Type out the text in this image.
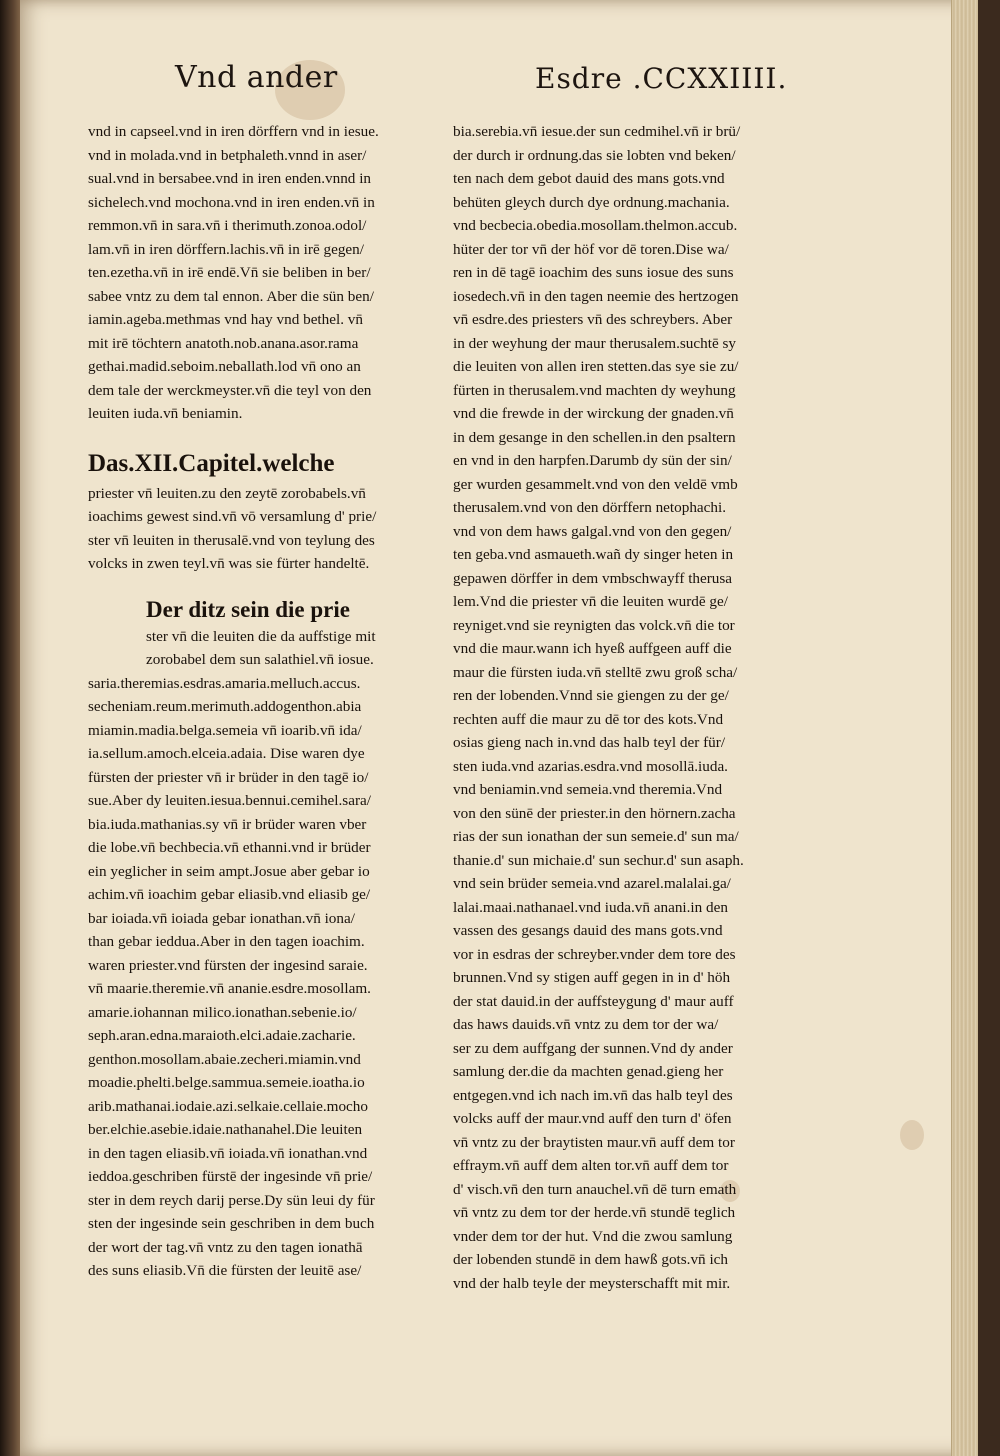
Vnd ander	Esdre .CCXXIIII.
vnd in capseel.vnd in iren dörffern vnd in iesue.
vnd in molada.vnd in betphaleth.vnnd in aser/
sual.vnd in bersabee.vnd in iren enden.vnnd in
sichelech.vnd mochona.vnd in iren enden.vn̄ in
remmon.vn̄ in sara.vn̄ i therimuth.zonoa.odol/
lam.vn̄ in iren dörffern.lachis.vn̄ in irē gegen/
ten.ezetha.vn̄ in irē endē.Vn̄ sie beliben in ber/
sabee vntz zu dem tal ennon. Aber die sün ben/
iamin.ageba.methmas vnd hay vnd bethel. vn̄
mit irē töchtern anatoth.nob.anana.asor.rama
gethai.madid.seboim.neballath.lod vn̄ ono an
dem tale der werckmeyster.vn̄ die teyl von den
leuiten iuda.vn̄ beniamin.
Das.XII.Capitel.welche
priester vn̄ leuiten.zu den zeytē zorobabels.vn̄
ioachims gewest sind.vn̄ vō versamlung d' prie/
ster vn̄ leuiten in therusalē.vnd von teylung des
volcks in zwen teyl.vn̄ was sie fürter handeltē.
Der ditz sein die prie
ster vn̄ die leuiten die da auffstige mit
zorobabel dem sun salathiel.vn̄ iosue.
saria.theremias.esdras.amaria.melluch.accus.
secheniam.reum.merimuth.addogenthon.abia
miamin.madia.belga.semeia vn̄ ioarib.vn̄ ida/
ia.sellum.amoch.elceia.adaia. Dise waren dye
fürsten der priester vn̄ ir brüder in den tagē io/
sue.Aber dy leuiten.iesua.bennui.cemihel.sara/
bia.iuda.mathanias.sy vn̄ ir brüder waren vber
die lobe.vn̄ bechbecia.vn̄ ethanni.vnd ir brüder
ein yeglicher in seim ampt.Josue aber gebar io
achim.vn̄ ioachim gebar eliasib.vnd eliasib ge/
bar ioiada.vn̄ ioiada gebar ionathan.vn̄ iona/
than gebar ieddua.Aber in den tagen ioachim.
waren priester.vnd fürsten der ingesind saraie.
vn̄ maarie.theremie.vn̄ ananie.esdre.mosollam.
amarie.iohannan milico.ionathan.sebenie.io/
seph.aran.edna.maraioth.elci.adaie.zacharie.
genthon.mosollam.abaie.zecheri.miamin.vnd
moadie.phelti.belge.sammua.semeie.ioatha.io
arib.mathanai.iodaie.azi.selkaie.cellaie.mocho
ber.elchie.asebie.idaie.nathanahel.Die leuiten
in den tagen eliasib.vn̄ ioiada.vn̄ ionathan.vnd
ieddoa.geschriben fürstē der ingesinde vn̄ prie/
ster in dem reych darij perse.Dy sün leui dy für
sten der ingesinde sein geschriben in dem buch
der wort der tag.vn̄ vntz zu den tagen ionathā
des suns eliasib.Vn̄ die fürsten der leuitē ase/
bia.serebia.vn̄ iesue.der sun cedmihel.vn̄ ir brü/
der durch ir ordnung.das sie lobten vnd beken/
ten nach dem gebot dauid des mans gots.vnd
behüten gleych durch dye ordnung.machania.
vnd becbecia.obedia.mosollam.thelmon.accub.
hüter der tor vn̄ der höf vor dē toren.Dise wa/
ren in dē tagē ioachim des suns iosue des suns
iosedech.vn̄ in den tagen neemie des hertzogen
vn̄ esdre.des priesters vn̄ des schreybers. Aber
in der weyhung der maur therusalem.suchtē sy
die leuiten von allen iren stetten.das sye sie zu/
fürten in therusalem.vnd machten dy weyhung
vnd die frewde in der wirckung der gnaden.vn̄
in dem gesange in den schellen.in den psaltern
en vnd in den harpfen.Darumb dy sün der sin/
ger wurden gesammelt.vnd von den veldē vmb
therusalem.vnd von den dörffern netophachi.
vnd von dem haws galgal.vnd von den gegen/
ten geba.vnd asmaueth.wañ dy singer heten in
gepawen dörffer in dem vmbschwayff therusa
lem.Vnd die priester vn̄ die leuiten wurdē ge/
reyniget.vnd sie reynigten das volck.vn̄ die tor
vnd die maur.wann ich hyeß auffgeen auff die
maur die fürsten iuda.vn̄ stelltē zwu groß scha/
ren der lobenden.Vnnd sie giengen zu der ge/
rechten auff die maur zu dē tor des kots.Vnd
osias gieng nach in.vnd das halb teyl der für/
sten iuda.vnd azarias.esdra.vnd mosollā.iuda.
vnd beniamin.vnd semeia.vnd theremia.Vnd
von den sünē der priester.in den hörnern.zacha
rias der sun ionathan der sun semeie.d' sun ma/
thanie.d' sun michaie.d' sun sechur.d' sun asaph.
vnd sein brüder semeia.vnd azarel.malalai.ga/
lalai.maai.nathanael.vnd iuda.vn̄ anani.in den
vassen des gesangs dauid des mans gots.vnd
vor in esdras der schreyber.vnder dem tore des
brunnen.Vnd sy stigen auff gegen in in d' höh
der stat dauid.in der auffsteygung d' maur auff
das haws dauids.vn̄ vntz zu dem tor der wa/
ser zu dem auffgang der sunnen.Vnd dy ander
samlung der.die da machten genad.gieng her
entgegen.vnd ich nach im.vn̄ das halb teyl des
volcks auff der maur.vnd auff den turn d' öfen
vn̄ vntz zu der braytisten maur.vn̄ auff dem tor
effraym.vn̄ auff dem alten tor.vn̄ auff dem tor
d' visch.vn̄ den turn anauchel.vn̄ dē turn emath
vn̄ vntz zu dem tor der herde.vn̄ stundē teglich
vnder dem tor der hut. Vnd die zwou samlung
der lobenden stundē in dem hawß gots.vn̄ ich
vnd der halb teyle der meysterschafft mit mir.
